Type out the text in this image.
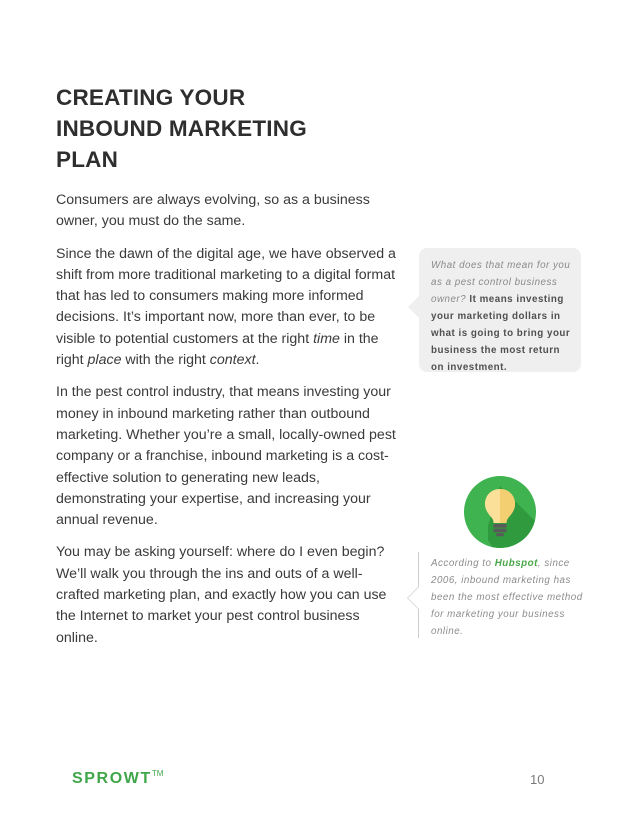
CREATING YOUR
INBOUND MARKETING
PLAN

Consumers are always evolving, so as a business owner, you must do the same.

Since the dawn of the digital age, we have observed a shift from more traditional marketing to a digital format that has led to consumers making more informed decisions. It’s important now, more than ever, to be visible to potential customers at the right time in the right place with the right context.

In the pest control industry, that means investing your money in inbound marketing rather than outbound marketing. Whether you’re a small, locally-owned pest company or a franchise, inbound marketing is a cost-effective solution to generating new leads, demonstrating your expertise, and increasing your annual revenue.

You may be asking yourself: where do I even begin? We’ll walk you through the ins and outs of a well-crafted marketing plan, and exactly how you can use the Internet to market your pest control business online.

What does that mean for you as a pest control business owner? It means investing your marketing dollars in what is going to bring your business the most return on investment.
According to Hubspot, since 2006, inbound marketing has been the most effective method for marketing your business online.
SPROWT™	10
